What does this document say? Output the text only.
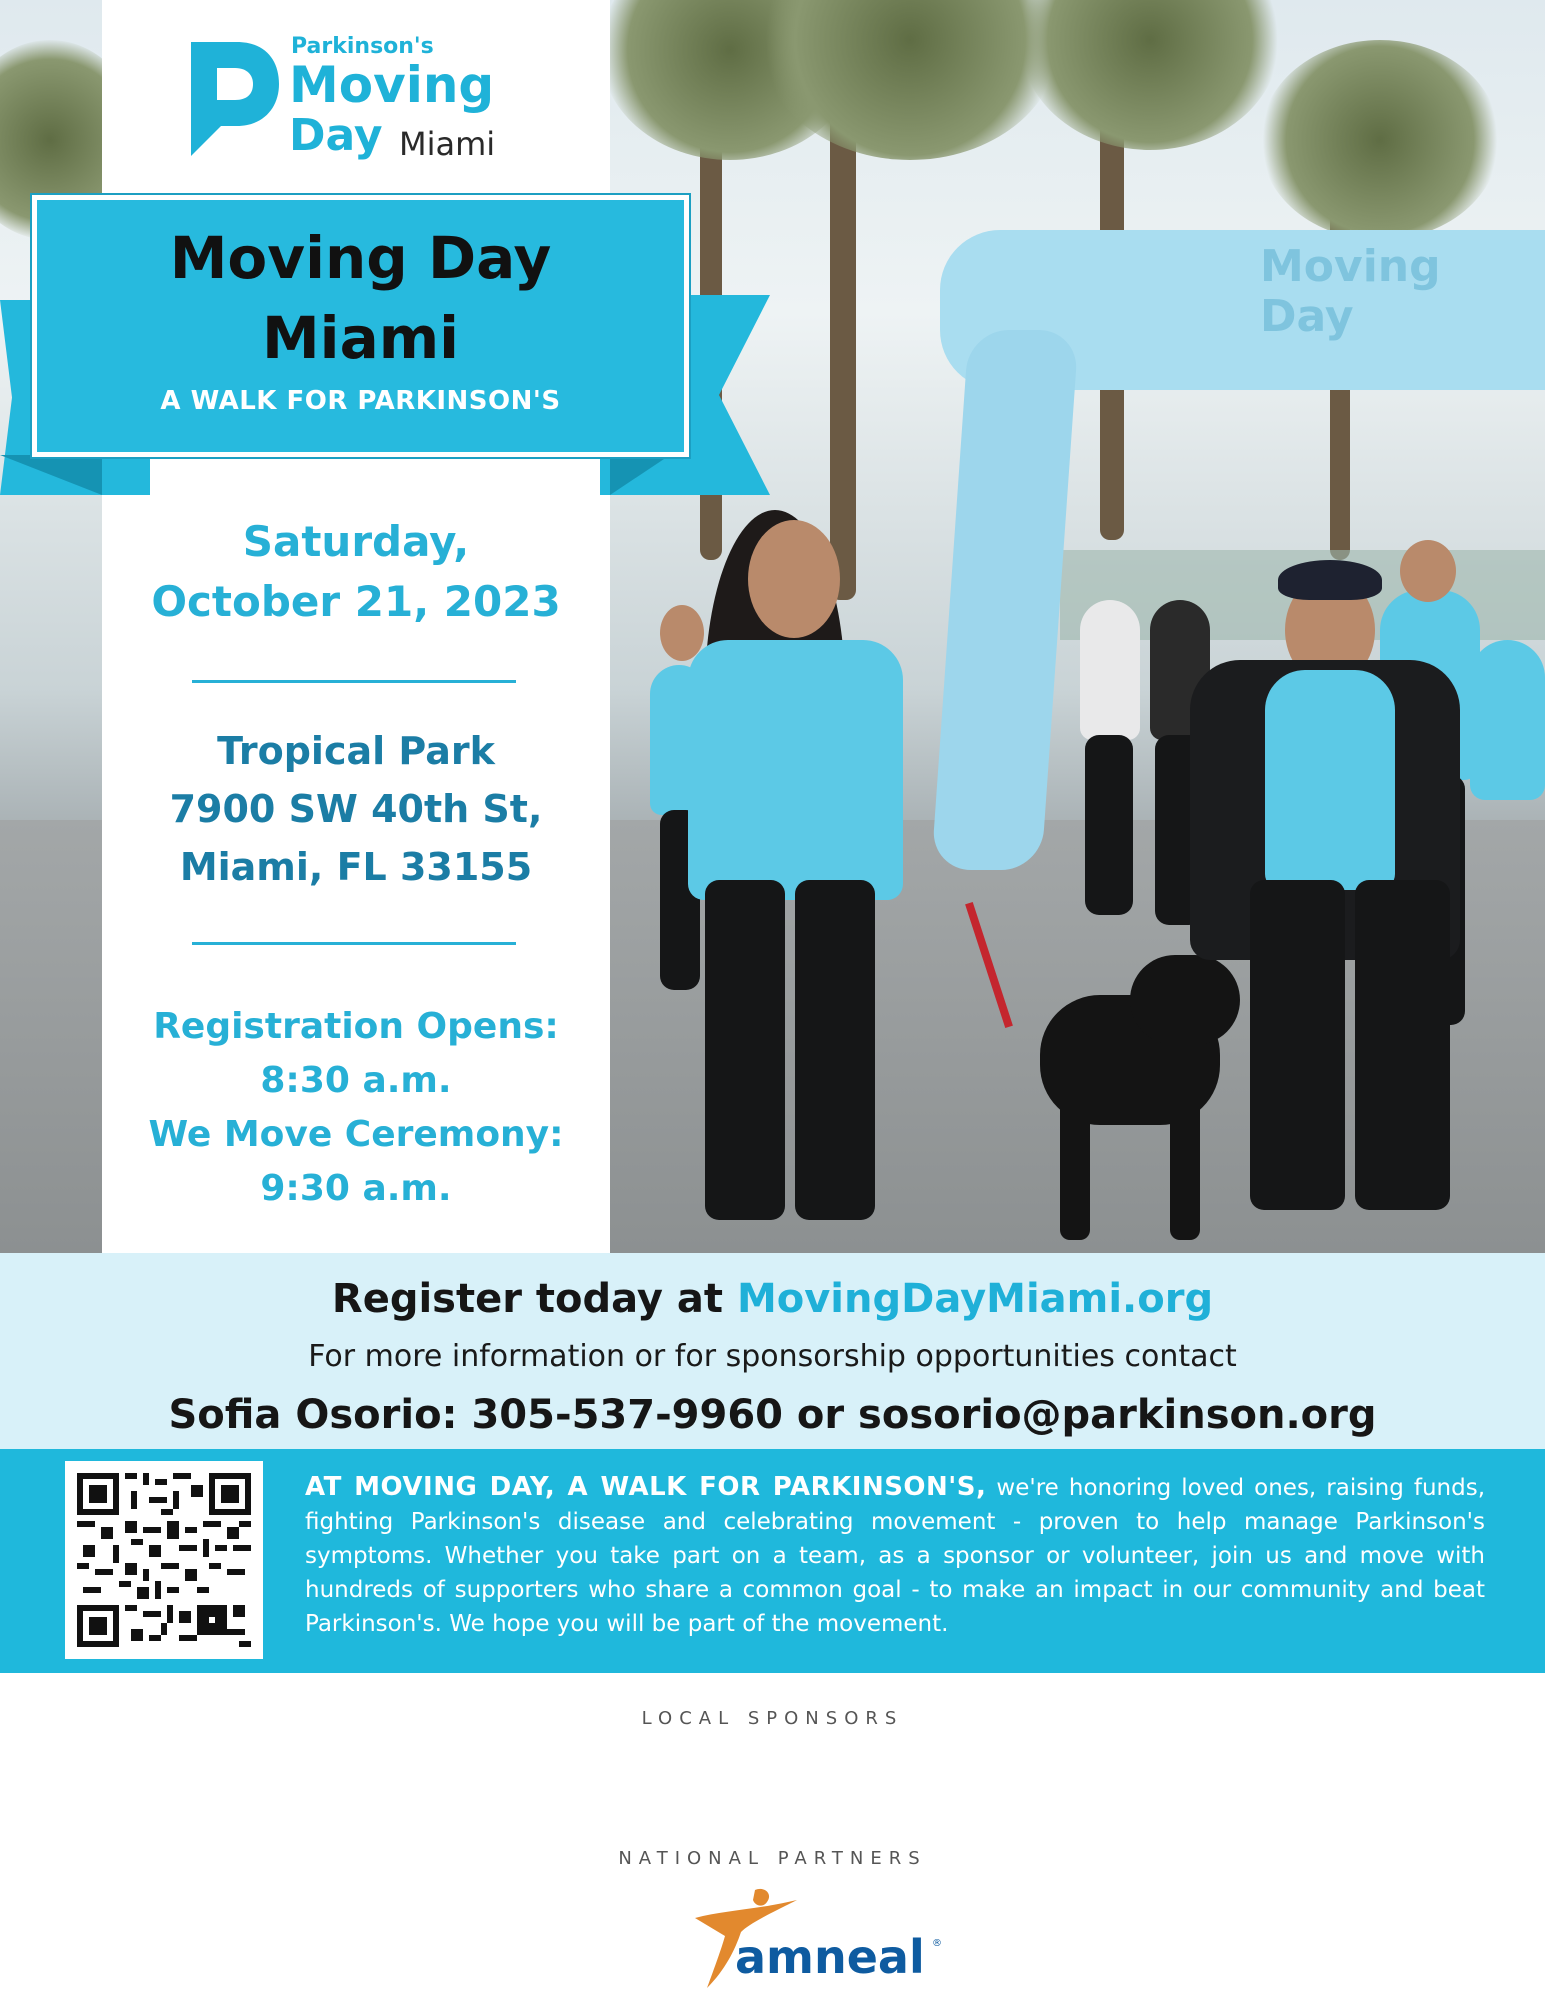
Moving
Day
Parkinson's
Moving
Day Miami
Moving Day
Miami
A WALK FOR PARKINSON'S
Saturday,
October 21, 2023
Tropical Park
7900 SW 40th St,
Miami, FL 33155
Registration Opens:
8:30 a.m.
We Move Ceremony:
9:30 a.m.
Register today at MovingDayMiami.org
For more information or for sponsorship opportunities contact
Sofia Osorio: 305-537-9960 or sosorio@parkinson.org
AT MOVING DAY, A WALK FOR PARKINSON'S, we're honoring loved ones, raising funds, fighting Parkinson's disease and celebrating movement - proven to help manage Parkinson's symptoms. Whether you take part on a team, as a sponsor or volunteer, join us and move with hundreds of supporters who share a common goal - to make an impact in our community and beat Parkinson's. We hope you will be part of the movement.
LOCAL SPONSORS
NATIONAL PARTNERS
amneal ®
